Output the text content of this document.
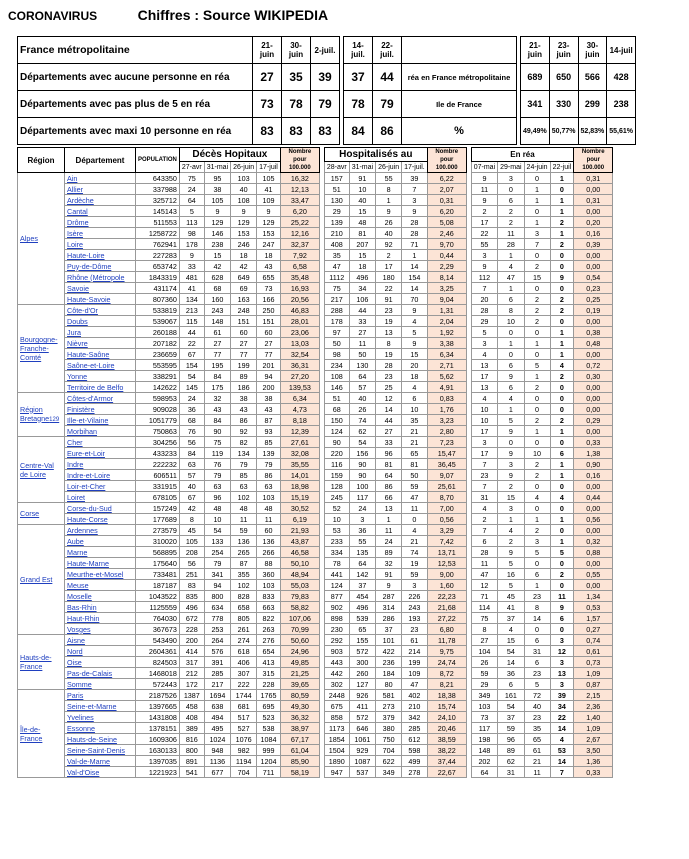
CORONAVIRUS	Chiffres : Source WIKIPEDIA
France métropolitaine	21-juin	30-juin	2-juil.		14-juil.	22-juil.			21-juin	23-juin	30-juin	14-juil
Départements avec aucune personne en réa	27	35	39		37	44	réa en France métropolitaine		689	650	566	428
Départements avec pas plus de 5 en réa	73	78	79		78	79	Ile de France		341	330	299	238
Départements avec maxi 10 personne en réa	83	83	83		84	86	%		49,49%	50,77%	52,83%	55,61%
Région	Département	POPULATION	Décès Hopitaux				Nombre pour 100.000		Hospitalisés au				Nombre pour 100.000		En réa				Nombre pour 100.000
			27-avr	31-mai	26-juin	17-juil			28-avr	31-mai	26-juin	17-juil.			07-mai	29-mai	24-juin	22-juil	
Alpes	Ain	643350	75	95	103	105	16,32		157	91	55	39	6,22		9	3	0	1	0,31
	Allier	337988	24	38	40	41	12,13		51	10	8	7	2,07		11	0	1	0	0,00
	Ardèche	325712	64	105	108	109	33,47		130	40	1	3	0,31		9	6	1	1	0,31
	Cantal	145143	5	9	9	9	6,20		29	15	9	9	6,20		2	2	0	1	0,00
	Drôme	511553	113	129	129	129	25,22		139	48	26	28	5,08		17	2	1	2	0,20
	Isère	1258722	98	146	153	153	12,16		210	81	40	28	2,46		22	11	3	1	0,16
	Loire	762941	178	238	246	247	32,37		408	207	92	71	9,70		55	28	7	2	0,39
	Haute-Loire	227283	9	15	18	18	7,92		35	15	2	1	0,44		3	1	0	0	0,00
	Puy-de-Dôme	653742	33	42	42	43	6,58		47	18	17	14	2,29		9	4	2	0	0,00
	Rhône (Métropole	1843319	481	628	649	655	35,48		1112	496	180	154	8,14		112	47	15	9	0,54
	Savoie	431174	41	68	69	73	16,93		75	34	22	14	3,25		7	1	0	0	0,23
	Haute-Savoie	807360	134	160	163	166	20,56		217	106	91	70	9,04		20	6	2	2	0,25
Bourgogne-Franche-Comté	Côte-d'Or	533819	213	243	248	250	46,83		288	44	23	9	1,31		28	8	2	2	0,19
	Doubs	539067	115	148	151	151	28,01		178	33	19	4	2,04		29	10	2	0	0,00
	Jura	260188	44	61	60	60	23,06		97	27	13	5	1,92		5	0	0	1	0,38
	Nièvre	207182	22	27	27	27	13,03		50	11	8	9	3,38		3	1	1	1	0,48
	Haute-Saône	236659	67	77	77	77	32,54		98	50	19	15	6,34		4	0	0	1	0,00
	Saône-et-Loire	553595	154	195	199	201	36,31		234	130	28	20	2,71		13	6	5	4	0,72
	Yonne	338291	54	84	89	94	27,20		108	64	23	18	5,62		17	9	1	2	0,30
	Territoire de Belfo	142622	145	175	186	200	139,53		146	57	25	4	4,91		13	6	2	0	0,00
Région Bretagne129	Côtes-d'Armor	598953	24	32	38	38	6,34		51	40	12	6	0,83		4	4	0	0	0,00
	Finistère	909028	36	43	43	43	4,73		68	26	14	10	1,76		10	1	0	0	0,00
	Ille-et-Vilaine	1051779	68	84	86	87	8,18		150	74	44	35	3,23		10	5	2	2	0,29
	Morbihan	750863	76	90	92	93	12,39		124	62	27	21	2,80		17	9	1	1	0,00
Centre-Val de Loire	Cher	304256	56	75	82	85	27,61		90	54	33	21	7,23		3	0	0	0	0,33
	Eure-et-Loir	433233	84	119	134	139	32,08		220	156	96	65	15,47		17	9	10	6	1,38
	Indre	222232	63	76	79	79	35,55		116	90	81	81	36,45		7	3	2	1	0,90
	Indre-et-Loire	606511	57	79	85	86	14,01		159	90	64	50	9,07		23	9	2	1	0,16
	Loir-et-Cher	331915	40	63	63	63	18,98		128	100	86	59	25,61		7	2	0	0	0,00
	Loiret	678105	67	96	102	103	15,19		245	117	66	47	8,70		31	15	4	4	0,44
Corse	Corse-du-Sud	157249	42	48	48	48	30,52		52	24	13	11	7,00		4	3	0	0	0,00
	Haute-Corse	177689	8	10	11	11	6,19		10	3	1	0	0,56		2	1	1	1	0,56
Grand Est	Ardennes	273579	45	54	59	60	21,93		53	36	11	4	3,29		7	4	2	0	0,00
	Aube	310020	105	133	136	136	43,87		233	55	24	21	7,42		6	2	3	1	0,32
	Marne	568895	208	254	265	266	46,58		334	135	89	74	13,71		28	9	5	5	0,88
	Haute-Marne	175640	56	79	87	88	50,10		78	64	32	19	12,53		11	5	0	0	0,00
	Meurthe-et-Mosel	733481	251	341	355	360	48,94		441	142	91	59	9,00		47	16	6	2	0,55
	Meuse	187187	83	94	102	103	55,03		124	37	9	3	1,60		12	5	1	0	0,00
	Moselle	1043522	835	800	828	833	79,83		877	454	287	226	22,23		71	45	23	11	1,34
	Bas-Rhin	1125559	496	634	658	663	58,82		902	496	314	243	21,68		114	41	8	9	0,53
	Haut-Rhin	764030	672	778	805	822	107,06		898	539	286	193	27,22		75	37	14	6	1,57
	Vosges	367673	228	253	261	263	70,99		230	65	37	23	6,80		8	4	0	0	0,27
Hauts-de-France	Aisne	543490	200	264	274	276	50,60		292	155	101	61	11,78		27	15	6	3	0,74
	Nord	2604361	414	576	618	654	24,96		903	572	422	214	9,75		104	54	31	12	0,61
	Oise	824503	317	391	406	413	49,85		443	300	236	199	24,74		26	14	6	3	0,73
	Pas-de-Calais	1468018	212	285	307	315	21,25		442	260	184	109	8,72		59	36	23	13	1,09
	Somme	572443	172	217	222	228	39,65		302	127	80	47	8,21		29	6	5	3	0,87
Île-de-France	Paris	2187526	1387	1694	1744	1765	80,59		2448	926	581	402	18,38		349	161	72	39	2,15
	Seine-et-Marne	1397665	458	638	681	695	49,30		675	411	273	210	15,74		103	54	40	34	2,36
	Yvelines	1431808	408	494	517	523	36,32		858	572	379	342	24,10		73	37	23	22	1,40
	Essonne	1378151	389	495	527	538	38,97		1173	646	380	285	20,46		117	59	35	14	1,09
	Hauts-de-Seine	1609306	816	1024	1076	1084	67,17		1854	1061	750	612	38,59		198	96	65	4	2,67
	Seine-Saint-Denis	1630133	800	948	982	999	61,04		1504	929	704	598	38,22		148	89	61	53	3,50
	Val-de-Marne	1397035	891	1136	1194	1204	85,90		1890	1087	622	499	37,44		202	62	21	14	1,36
	Val-d'Oise	1221923	541	677	704	711	58,19		947	537	349	278	22,67		64	31	11	7	0,33
